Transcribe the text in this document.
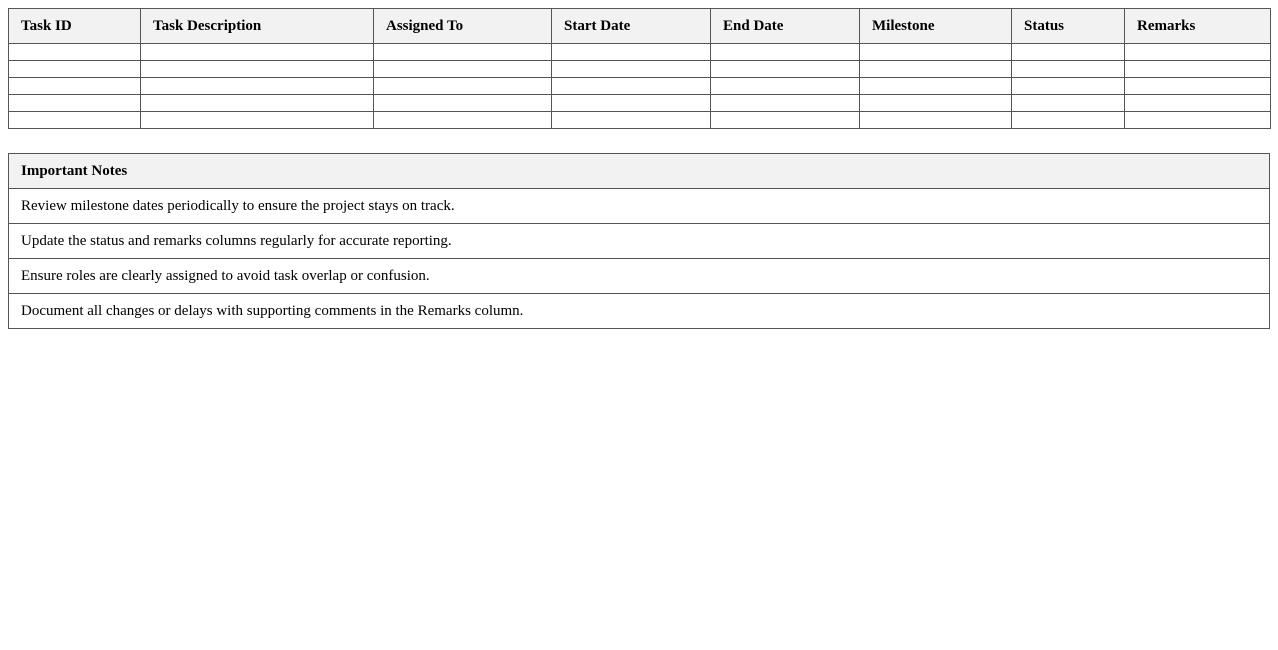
Task ID	Task Description	Assigned To	Start Date	End Date	Milestone	Status	Remarks

Important Notes
Review milestone dates periodically to ensure the project stays on track.
Update the status and remarks columns regularly for accurate reporting.
Ensure roles are clearly assigned to avoid task overlap or confusion.
Document all changes or delays with supporting comments in the Remarks column.
